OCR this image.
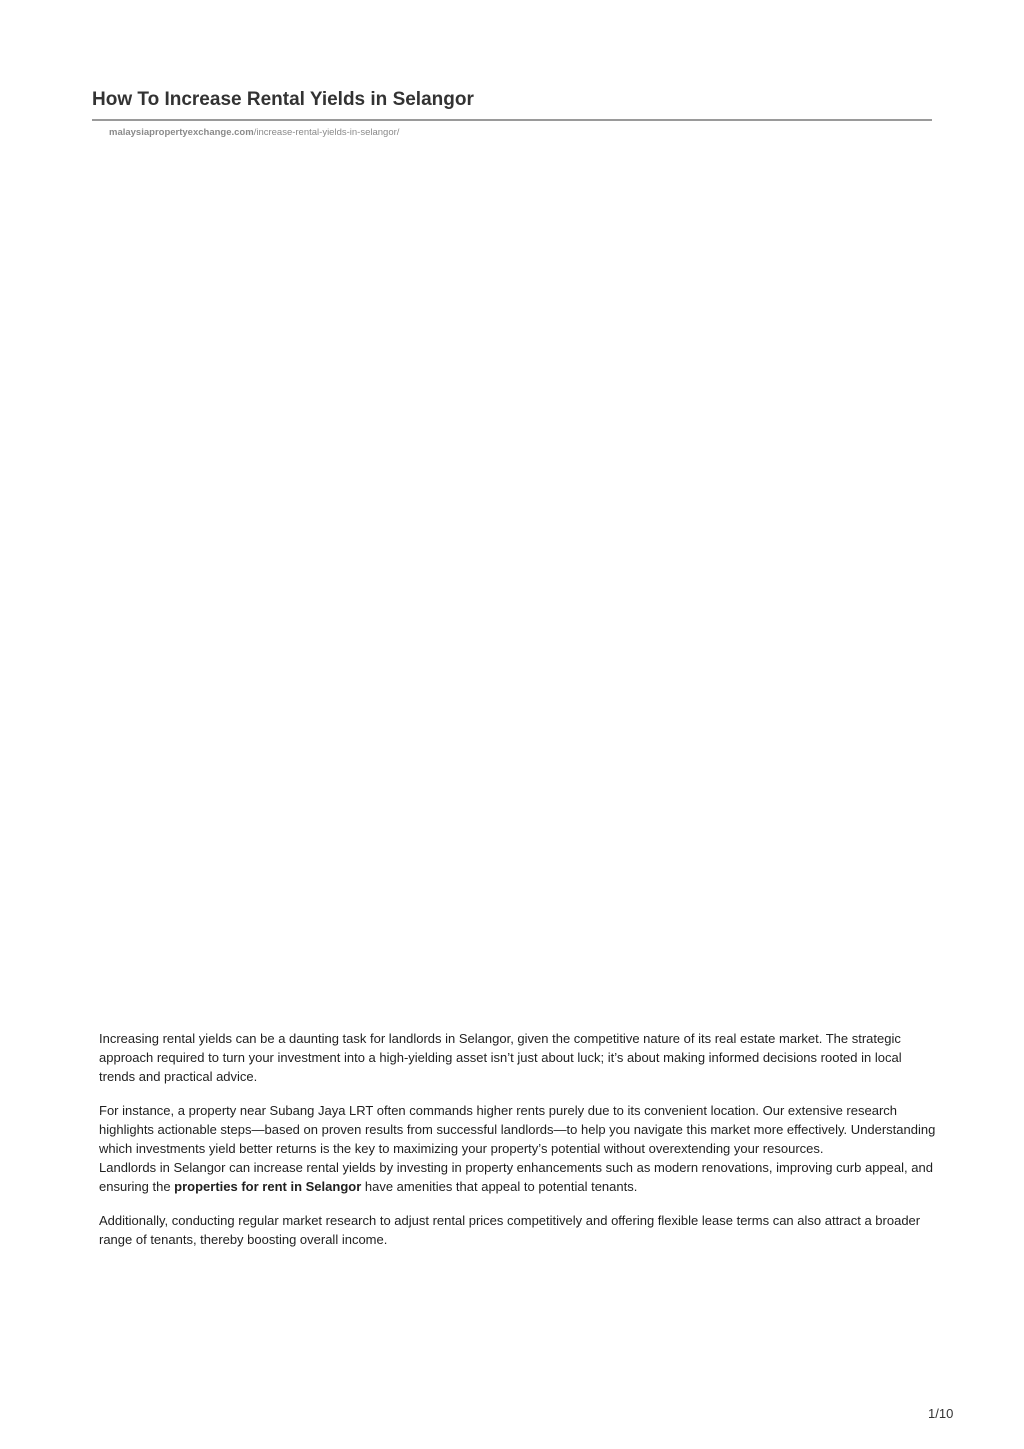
How To Increase Rental Yields in Selangor
malaysiapropertyexchange.com/increase-rental-yields-in-selangor/

Increasing rental yields can be a daunting task for landlords in Selangor, given the competitive nature of its real estate market. The strategic approach required to turn your investment into a high-yielding asset isn’t just about luck; it’s about making informed decisions rooted in local trends and practical advice.

For instance, a property near Subang Jaya LRT often commands higher rents purely due to its convenient location. Our extensive research highlights actionable steps—based on proven results from successful landlords—to help you navigate this market more effectively. Understanding which investments yield better returns is the key to maximizing your property’s potential without overextending your resources.

Landlords in Selangor can increase rental yields by investing in property enhancements such as modern renovations, improving curb appeal, and ensuring the properties for rent in Selangor have amenities that appeal to potential tenants.

Additionally, conducting regular market research to adjust rental prices competitively and offering flexible lease terms can also attract a broader range of tenants, thereby boosting overall income.

1/10
